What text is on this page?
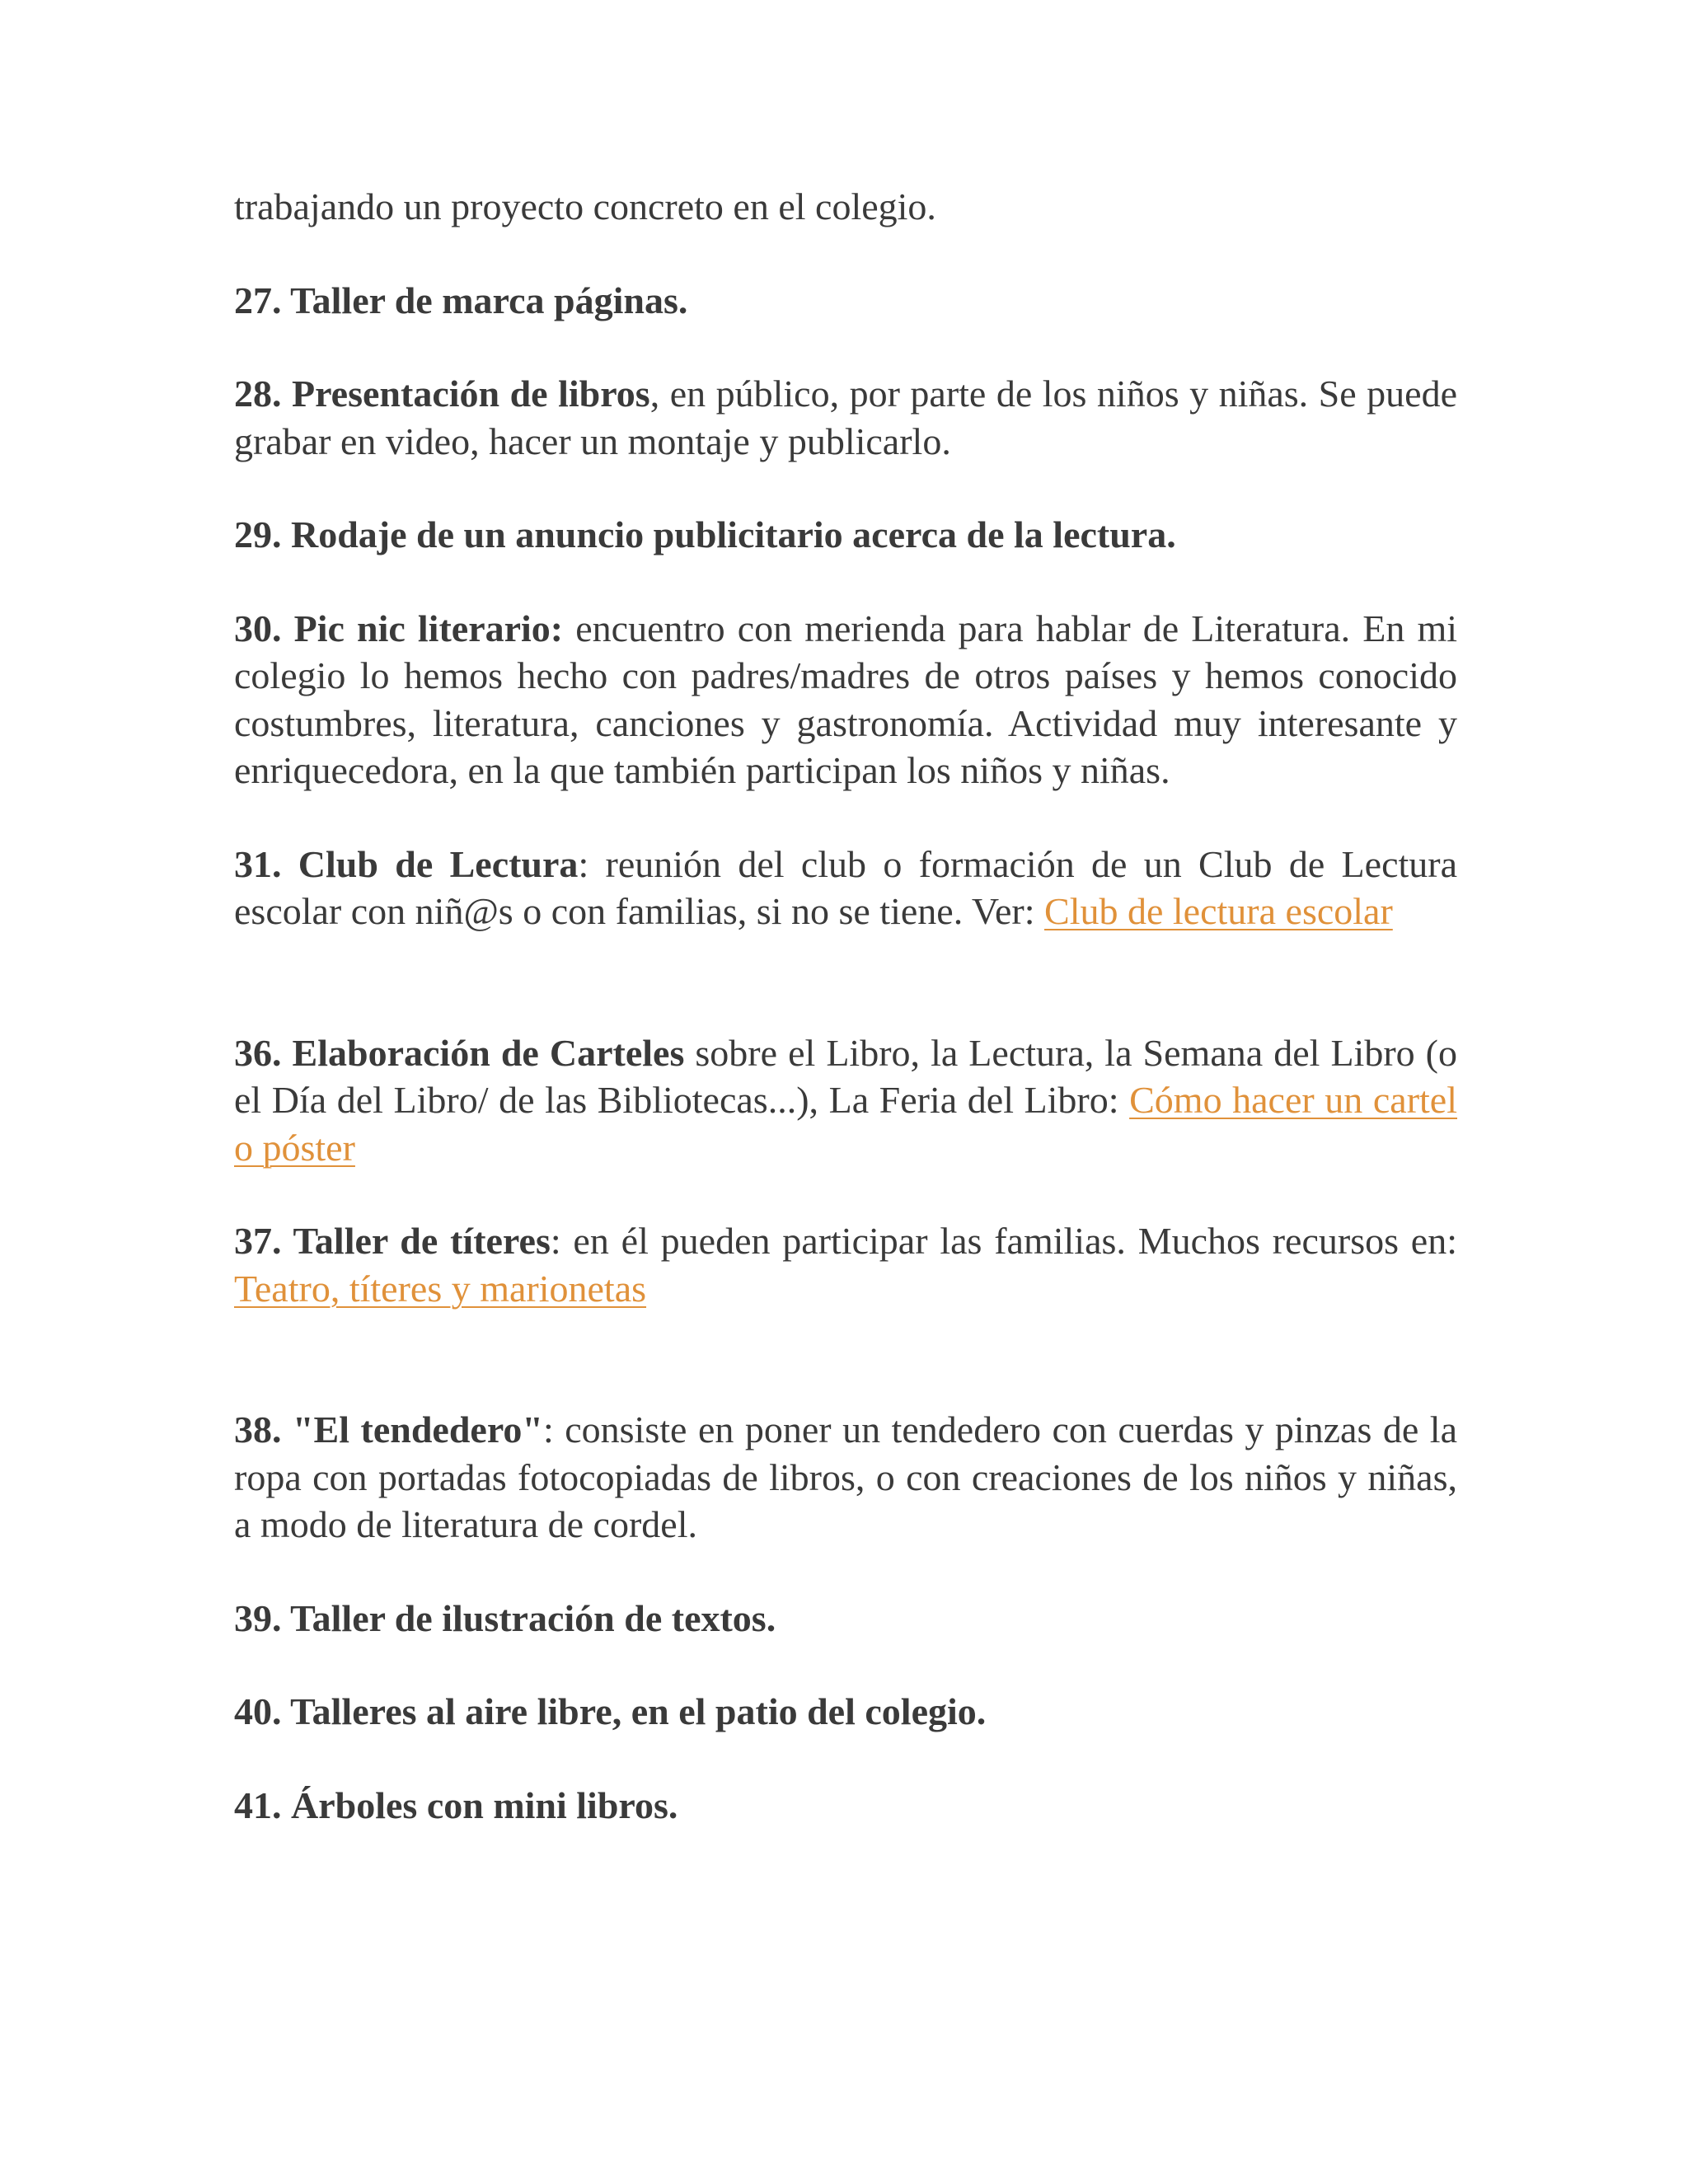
trabajando un proyecto concreto en el colegio.

27. Taller de marca páginas.

28. Presentación de libros, en público, por parte de los niños y niñas. Se puede grabar en video, hacer un montaje y publicarlo.

29. Rodaje de un anuncio publicitario acerca de la lectura.

30. Pic nic literario: encuentro con merienda para hablar de Literatura. En mi colegio lo hemos hecho con padres/madres de otros países y hemos conocido costumbres, literatura, canciones y gastronomía. Actividad muy interesante y enriquecedora, en la que también participan los niños y niñas.

31. Club de Lectura: reunión del club o formación de un Club de Lectura escolar con niñ@s o con familias, si no se tiene. Ver: Club de lectura escolar

36. Elaboración de Carteles sobre el Libro, la Lectura, la Semana del Libro (o el Día del Libro/ de las Bibliotecas...), La Feria del Libro: Cómo hacer un cartel o póster

37. Taller de títeres: en él pueden participar las familias. Muchos recursos en: Teatro, títeres y marionetas

38. "El tendedero": consiste en poner un tendedero con cuerdas y pinzas de la ropa con portadas fotocopiadas de libros, o con creaciones de los niños y niñas, a modo de literatura de cordel.

39. Taller de ilustración de textos.

40. Talleres al aire libre, en el patio del colegio.

41. Árboles con mini libros.
